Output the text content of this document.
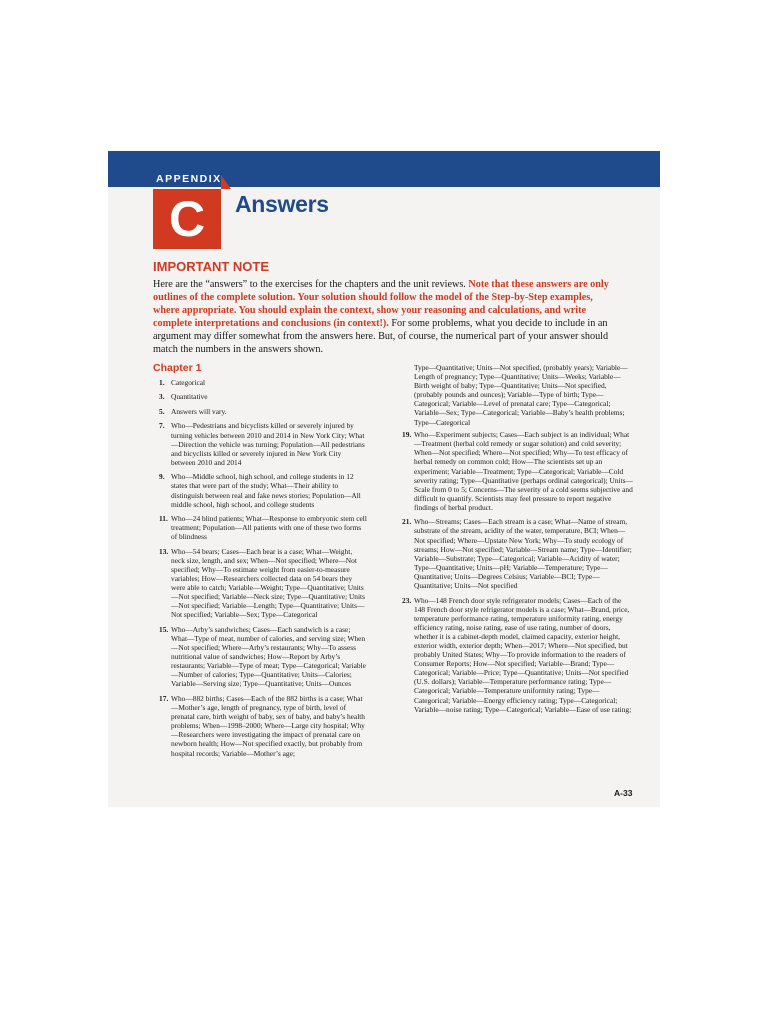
APPENDIX
C	Answers
IMPORTANT NOTE
Here are the “answers” to the exercises for the chapters and the unit reviews. Note that these answers are only outlines of the complete solution. Your solution should follow the model of the Step-by-Step examples, where appropriate. You should explain the context, show your reasoning and calculations, and write complete interpretations and conclusions (in context!). For some problems, what you decide to include in an argument may differ somewhat from the answers here. But, of course, the numerical part of your answer should match the numbers in the answers shown.
Chapter 1
1. Categorical
3. Quantitative
5. Answers will vary.
7. Who—Pedestrians and bicyclists killed or severely injured by turning vehicles between 2010 and 2014 in New York City; What—Direction the vehicle was turning; Population—All pedestrians and bicyclists killed or severely injured in New York City between 2010 and 2014
9. Who—Middle school, high school, and college students in 12 states that were part of the study; What—Their ability to distinguish between real and fake news stories; Population—All middle school, high school, and college students
11. Who—24 blind patients; What—Response to embryonic stem cell treatment; Population—All patients with one of these two forms of blindness
13. Who—54 bears; Cases—Each bear is a case; What—Weight, neck size, length, and sex; When—Not specified; Where—Not specified; Why—To estimate weight from easier-to-measure variables; How—Researchers collected data on 54 bears they were able to catch; Variable—Weight; Type—Quantitative; Units—Not specified; Variable—Neck size; Type—Quantitative; Units—Not specified; Variable—Length; Type—Quantitative; Units—Not specified; Variable—Sex; Type—Categorical
15. Who—Arby’s sandwiches; Cases—Each sandwich is a case; What—Type of meat, number of calories, and serving size; When—Not specified; Where—Arby’s restaurants; Why—To assess nutritional value of sandwiches; How—Report by Arby’s restaurants; Variable—Type of meat; Type—Categorical; Variable—Number of calories; Type—Quantitative; Units—Calories; Variable—Serving size; Type—Quantitative; Units—Ounces
17. Who—882 births; Cases—Each of the 882 births is a case; What—Mother’s age, length of pregnancy, type of birth, level of prenatal care, birth weight of baby, sex of baby, and baby’s health problems; When—1998–2000; Where—Large city hospital; Why—Researchers were investigating the impact of prenatal care on newborn health; How—Not specified exactly, but probably from hospital records; Variable—Mother’s age;
Type—Quantitative; Units—Not specified, (probably years); Variable—Length of pregnancy; Type—Quantitative; Units—Weeks; Variable—Birth weight of baby; Type—Quantitative; Units—Not specified, (probably pounds and ounces); Variable—Type of birth; Type—Categorical; Variable—Level of prenatal care; Type—Categorical; Variable—Sex; Type—Categorical; Variable—Baby’s health problems; Type—Categorical
19. Who—Experiment subjects; Cases—Each subject is an individual; What—Treatment (herbal cold remedy or sugar solution) and cold severity; When—Not specified; Where—Not specified; Why—To test efficacy of herbal remedy on common cold; How—The scientists set up an experiment; Variable—Treatment; Type—Categorical; Variable—Cold severity rating; Type—Quantitative (perhaps ordinal categorical); Units—Scale from 0 to 5; Concerns—The severity of a cold seems subjective and difficult to quantify. Scientists may feel pressure to report negative findings of herbal product.
21. Who—Streams; Cases—Each stream is a case; What—Name of stream, substrate of the stream, acidity of the water, temperature, BCI; When—Not specified; Where—Upstate New York; Why—To study ecology of streams; How—Not specified; Variable—Stream name; Type—Identifier; Variable—Substrate; Type—Categorical; Variable—Acidity of water; Type—Quantitative; Units—pH; Variable—Temperature; Type—Quantitative; Units—Degrees Celsius; Variable—BCI; Type—Quantitative; Units—Not specified
23. Who—148 French door style refrigerator models; Cases—Each of the 148 French door style refrigerator models is a case; What—Brand, price, temperature performance rating, temperature uniformity rating, energy efficiency rating, noise rating, ease of use rating, number of doors, whether it is a cabinet-depth model, claimed capacity, exterior height, exterior width, exterior depth; When—2017; Where—Not specified, but probably United States; Why—To provide information to the readers of Consumer Reports; How—Not specified; Variable—Brand; Type—Categorical; Variable—Price; Type—Quantitative; Units—Not specified (U.S. dollars); Variable—Temperature performance rating; Type—Categorical; Variable—Temperature uniformity rating; Type—Categorical; Variable—Energy efficiency rating; Type—Categorical; Variable—noise rating; Type—Categorical; Variable—Ease of use rating;
A-33
